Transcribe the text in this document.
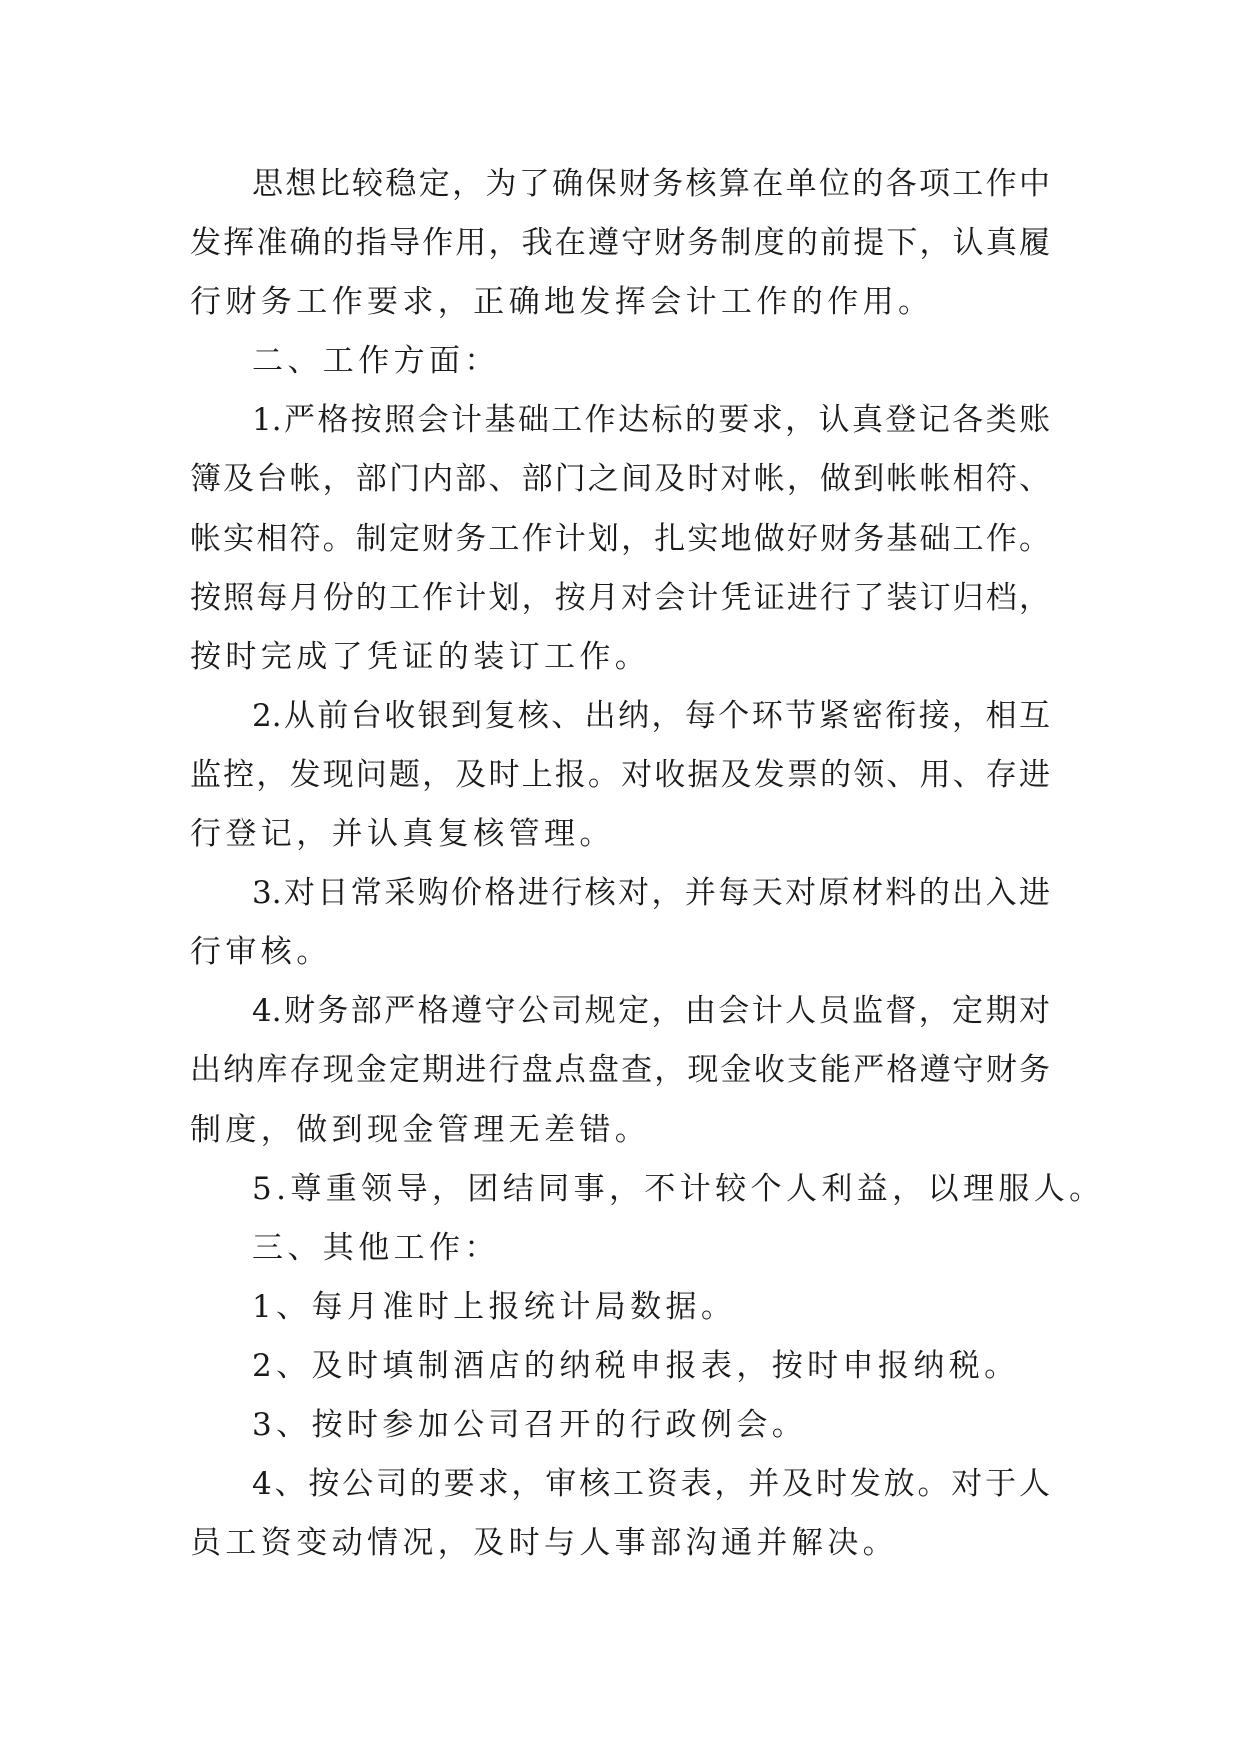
思想比较稳定，为了确保财务核算在单位的各项工作中

发挥准确的指导作用，我在遵守财务制度的前提下，认真履

行财务工作要求，正确地发挥会计工作的作用。

二、工作方面：

1.严格按照会计基础工作达标的要求，认真登记各类账

簿及台帐，部门内部、部门之间及时对帐，做到帐帐相符、

帐实相符。制定财务工作计划，扎实地做好财务基础工作。

按照每月份的工作计划，按月对会计凭证进行了装订归档，

按时完成了凭证的装订工作。

2.从前台收银到复核、出纳，每个环节紧密衔接，相互

监控，发现问题，及时上报。对收据及发票的领、用、存进

行登记，并认真复核管理。

3.对日常采购价格进行核对，并每天对原材料的出入进

行审核。

4.财务部严格遵守公司规定，由会计人员监督，定期对

出纳库存现金定期进行盘点盘查，现金收支能严格遵守财务

制度，做到现金管理无差错。

5.尊重领导，团结同事，不计较个人利益，以理服人。

三、其他工作：

1、每月准时上报统计局数据。

2、及时填制酒店的纳税申报表，按时申报纳税。

3、按时参加公司召开的行政例会。

4、按公司的要求，审核工资表，并及时发放。对于人

员工资变动情况，及时与人事部沟通并解决。
